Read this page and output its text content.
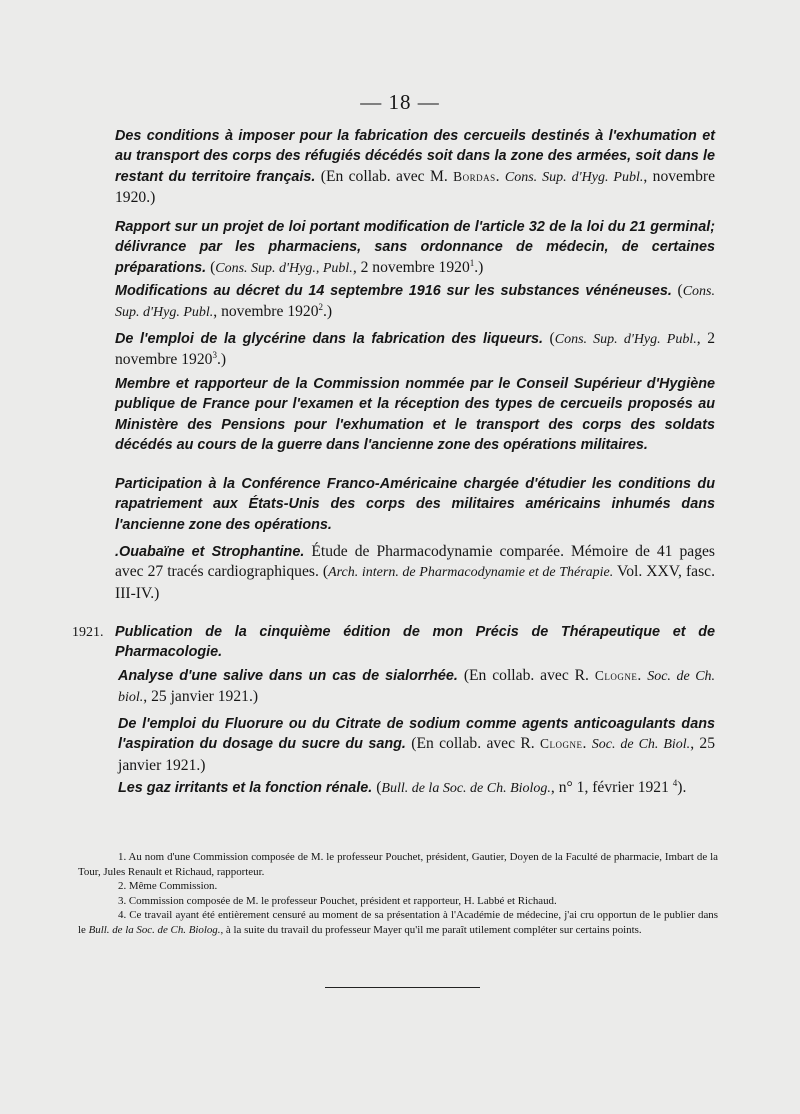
— 18 —
Des conditions à imposer pour la fabrication des cercueils destinés à l'exhumation et au transport des corps des réfugiés décédés soit dans la zone des armées, soit dans le restant du territoire français. (En collab. avec M. Bordas. Cons. Sup. d'Hyg. Publ., novembre 1920.)
Rapport sur un projet de loi portant modification de l'article 32 de la loi du 21 germinal; délivrance par les pharmaciens, sans ordonnance de médecin, de certaines préparations. (Cons. Sup. d'Hyg., Publ., 2 novembre 1920$^1$.)
Modifications au décret du 14 septembre 1916 sur les substances vénéneuses. (Cons. Sup. d'Hyg. Publ., novembre 1920$^2$.)
De l'emploi de la glycérine dans la fabrication des liqueurs. (Cons. Sup. d'Hyg. Publ., 2 novembre 1920$^3$.)
Membre et rapporteur de la Commission nommée par le Conseil Supérieur d'Hygiène publique de France pour l'examen et la réception des types de cercueils proposés au Ministère des Pensions pour l'exhumation et le transport des corps des soldats décédés au cours de la guerre dans l'ancienne zone des opérations militaires.
Participation à la Conférence Franco-Américaine chargée d'étudier les conditions du rapatriement aux États-Unis des corps des militaires américains inhumés dans l'ancienne zone des opérations.
.Ouabaïne et Strophantine. Étude de Pharmacodynamie comparée. Mémoire de 41 pages avec 27 tracés cardiographiques. (Arch. intern. de Pharmacodynamie et de Thérapie. Vol. XXV, fasc. III-IV.)
1921. Publication de la cinquième édition de mon Précis de Thérapeutique et de Pharmacologie.
Analyse d'une salive dans un cas de sialorrhée. (En collab. avec R. Clogne. Soc. de Ch. biol., 25 janvier 1921.)
De l'emploi du Fluorure ou du Citrate de sodium comme agents anticoagulants dans l'aspiration du dosage du sucre du sang. (En collab. avec R. Clogne. Soc. de Ch. Biol., 25 janvier 1921.)
Les gaz irritants et la fonction rénale. (Bull. de la Soc. de Ch. Biolog., n° 1, février 1921 $^4$).

1. Au nom d'une Commission composée de M. le professeur Pouchet, président, Gautier, Doyen de la Faculté de pharmacie, Imbart de la Tour, Jules Renault et Richaud, rapporteur.

2. Même Commission.

3. Commission composée de M. le professeur Pouchet, président et rapporteur, H. Labbé et Richaud.

4. Ce travail ayant été entièrement censuré au moment de sa présentation à l'Académie de médecine, j'ai cru opportun de le publier dans le Bull. de la Soc. de Ch. Biolog., à la suite du travail du professeur Mayer qu'il me paraît utilement compléter sur certains points.
